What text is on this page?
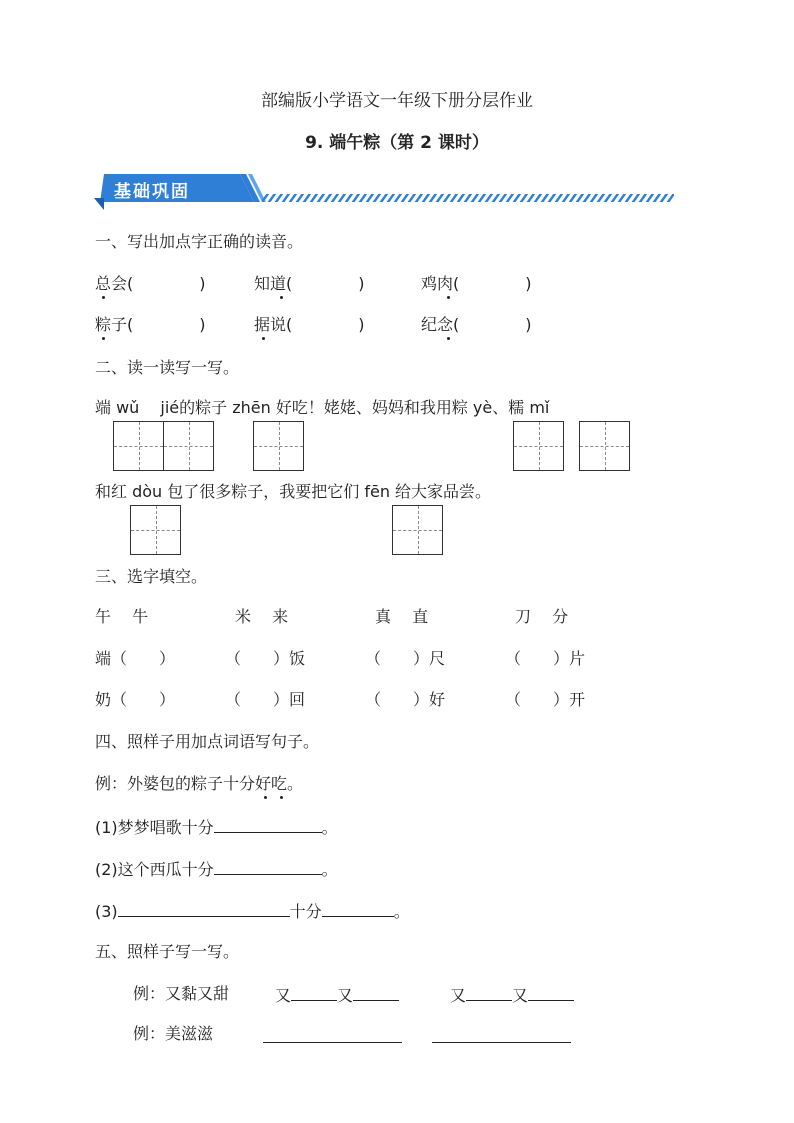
部编版小学语文一年级下册分层作业
9. 端午粽（第 2 课时）
基础巩固
一、写出加点字正确的读音。
总会(	)	知道(	)	鸡肉(	)
粽子(	)	据说(	)	纪念(	)
二、读一读写一写。
端 wǔ　 jié的粽子 zhēn 好吃！姥姥、妈妈和我用粽 yè、糯 mǐ
和红 dòu 包了很多粽子，我要把它们 fēn 给大家品尝。
三、选字填空。
午　 牛	米　 来	真　 直	刀　 分
端（　　）	（　　）饭	（　　）尺	（　　）片
奶（　　）	（　　）回	（　　）好	（　　）开
四、照样子用加点词语写句子。
例：外婆包的粽子十分好吃。
(1)梦梦唱歌十分	。
(2)这个西瓜十分	。
(3)	十分	。
五、照样子写一写。
例：又黏又甜	又	又	又	又
例：美滋滋
